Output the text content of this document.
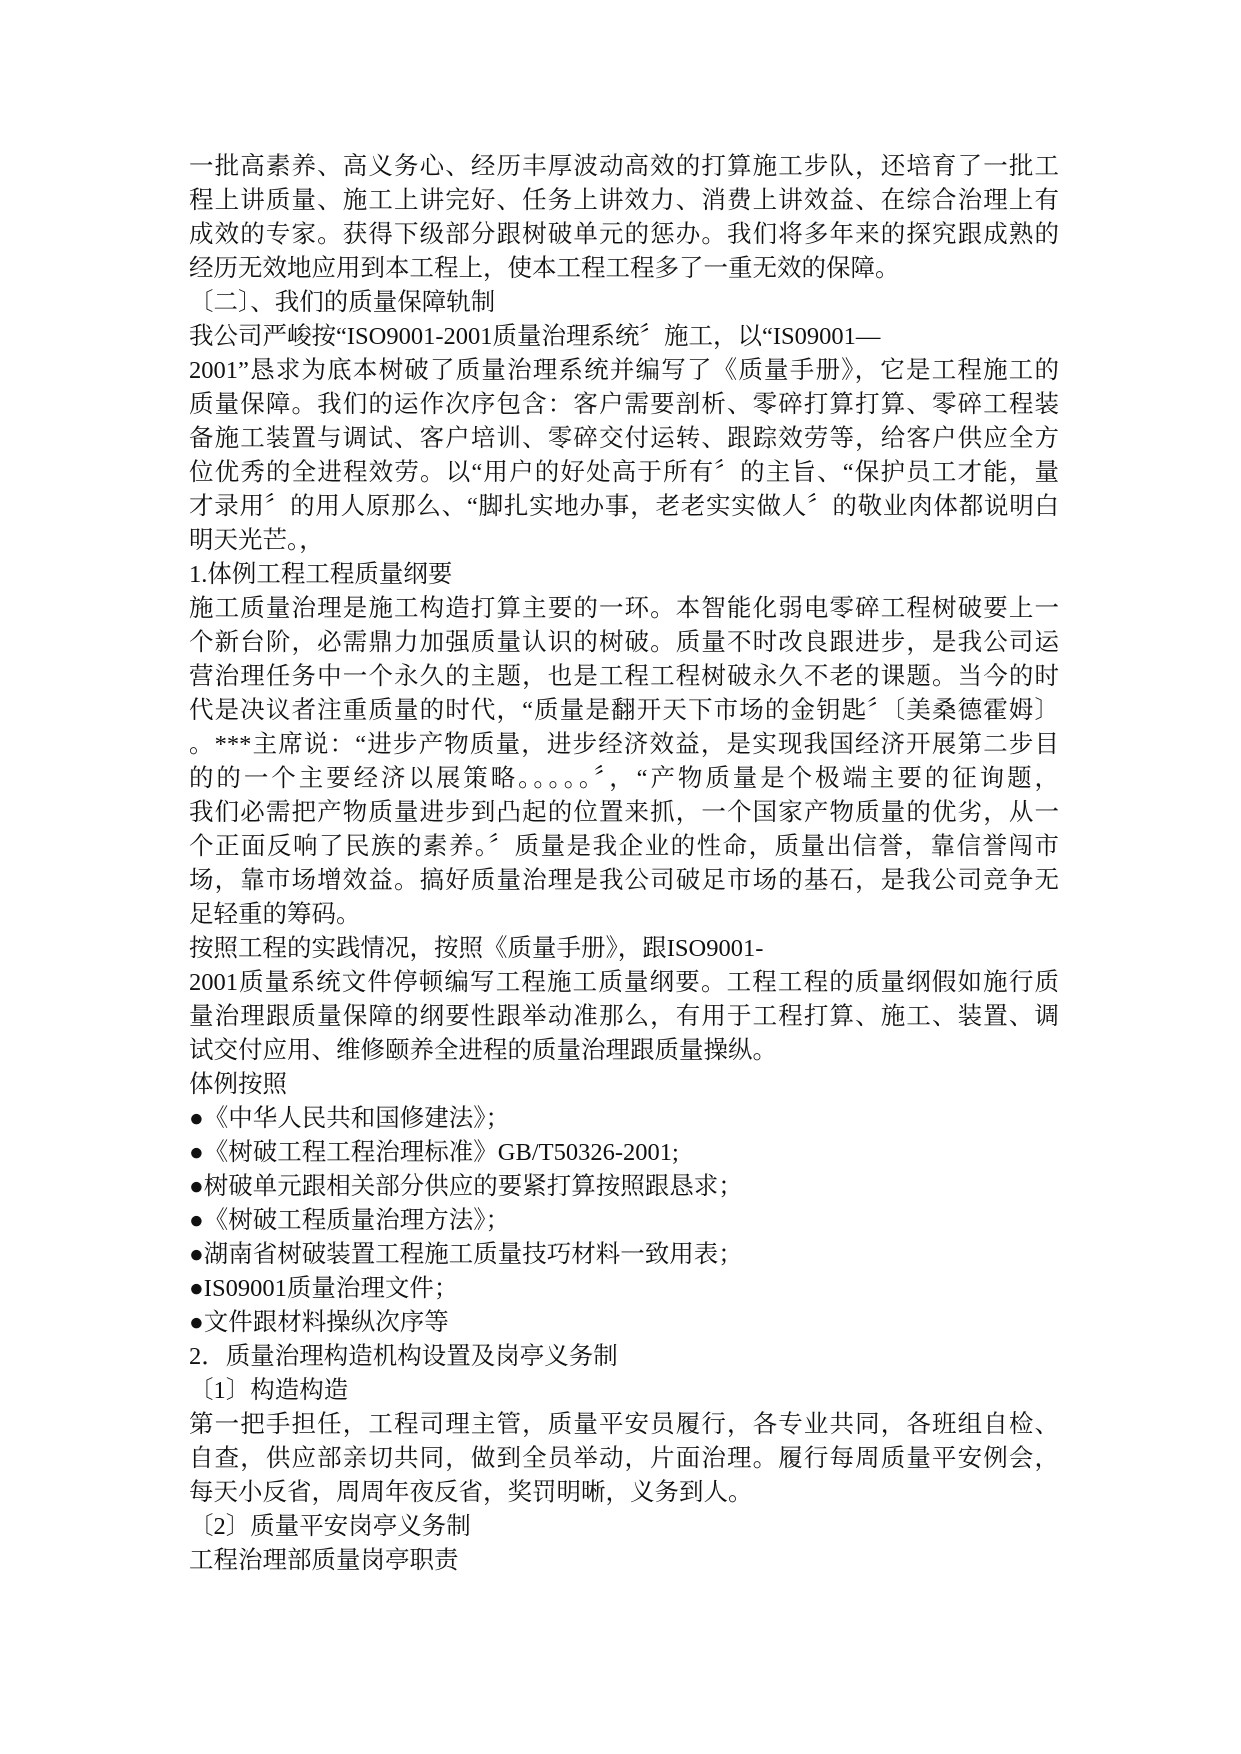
一批高素养、高义务心、经历丰厚波动高效的打算施工步队，还培育了一批工
程上讲质量、施工上讲完好、任务上讲效力、消费上讲效益、在综合治理上有
成效的专家。获得下级部分跟树破单元的惩办。我们将多年来的探究跟成熟的
经历无效地应用到本工程上，使本工程工程多了一重无效的保障。
〔二〕、我们的质量保障轨制
我公司严峻按“ISO9001-2001质量治理系统〞施工，以“IS09001—
2001”恳求为底本树破了质量治理系统并编写了《质量手册》，它是工程施工的
质量保障。我们的运作次序包含：客户需要剖析、零碎打算打算、零碎工程装
备施工装置与调试、客户培训、零碎交付运转、跟踪效劳等，给客户供应全方
位优秀的全进程效劳。以“用户的好处高于所有〞的主旨、“保护员工才能，量
才录用〞的用人原那么、“脚扎实地办事，老老实实做人〞的敬业肉体都说明白
明天光芒。，
1.体例工程工程质量纲要
施工质量治理是施工构造打算主要的一环。本智能化弱电零碎工程树破要上一
个新台阶，必需鼎力加强质量认识的树破。质量不时改良跟进步，是我公司运
营治理任务中一个永久的主题，也是工程工程树破永久不老的课题。当今的时
代是决议者注重质量的时代，“质量是翻开天下市场的金钥匙〞〔美桑德霍姆〕
。***主席说：“进步产物质量，进步经济效益，是实现我国经济开展第二步目
的的一个主要经济以展策略。。。。。〞，“产物质量是个极端主要的征询题，
我们必需把产物质量进步到凸起的位置来抓，一个国家产物质量的优劣，从一
个正面反响了民族的素养。〞质量是我企业的性命，质量出信誉，靠信誉闯市
场，靠市场增效益。搞好质量治理是我公司破足市场的基石，是我公司竞争无
足轻重的筹码。
按照工程的实践情况，按照《质量手册》，跟ISO9001-
2001质量系统文件停顿编写工程施工质量纲要。工程工程的质量纲假如施行质
量治理跟质量保障的纲要性跟举动准那么，有用于工程打算、施工、装置、调
试交付应用、维修颐养全进程的质量治理跟质量操纵。
体例按照
●《中华人民共和国修建法》；
●《树破工程工程治理标准》GB/T50326-2001;
●树破单元跟相关部分供应的要紧打算按照跟恳求；
●《树破工程质量治理方法》；
●湖南省树破装置工程施工质量技巧材料一致用表；
●IS09001质量治理文件；
●文件跟材料操纵次序等
2．质量治理构造机构设置及岗亭义务制
〔1〕构造构造
第一把手担任，工程司理主管，质量平安员履行，各专业共同，各班组自检、
自查，供应部亲切共同，做到全员举动，片面治理。履行每周质量平安例会，
每天小反省，周周年夜反省，奖罚明晰，义务到人。
〔2〕质量平安岗亭义务制
工程治理部质量岗亭职责
